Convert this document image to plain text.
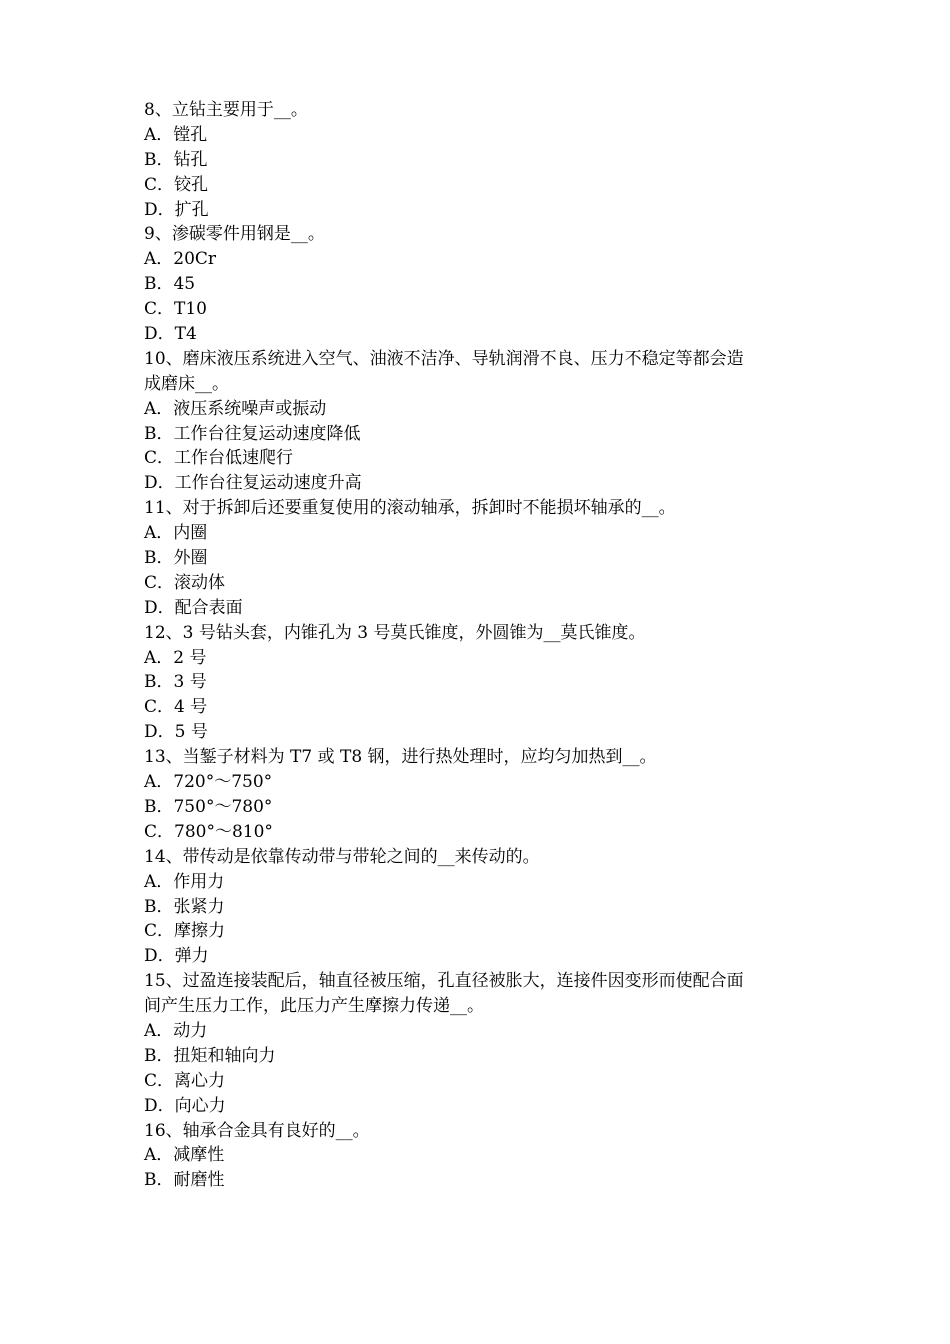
8、立钻主要用于__。
A．镗孔
B．钻孔
C．铰孔
D．扩孔
9、渗碳零件用钢是__。
A．20Cr
B．45
C．T10
D．T4
10、磨床液压系统进入空气、油液不洁净、导轨润滑不良、压力不稳定等都会造
成磨床__。
A．液压系统噪声或振动
B．工作台往复运动速度降低
C．工作台低速爬行
D．工作台往复运动速度升高
11、对于拆卸后还要重复使用的滚动轴承，拆卸时不能损坏轴承的__。
A．内圈
B．外圈
C．滚动体
D．配合表面
12、3 号钻头套，内锥孔为 3 号莫氏锥度，外圆锥为__莫氏锥度。
A．2 号
B．3 号
C．4 号
D．5 号
13、当錾子材料为 T7 或 T8 钢，进行热处理时，应均匀加热到__。
A．720°～750°
B．750°～780°
C．780°～810°
14、带传动是依靠传动带与带轮之间的__来传动的。
A．作用力
B．张紧力
C．摩擦力
D．弹力
15、过盈连接装配后，轴直径被压缩，孔直径被胀大，连接件因变形而使配合面
间产生压力工作，此压力产生摩擦力传递__。
A．动力
B．扭矩和轴向力
C．离心力
D．向心力
16、轴承合金具有良好的__。
A．减摩性
B．耐磨性
